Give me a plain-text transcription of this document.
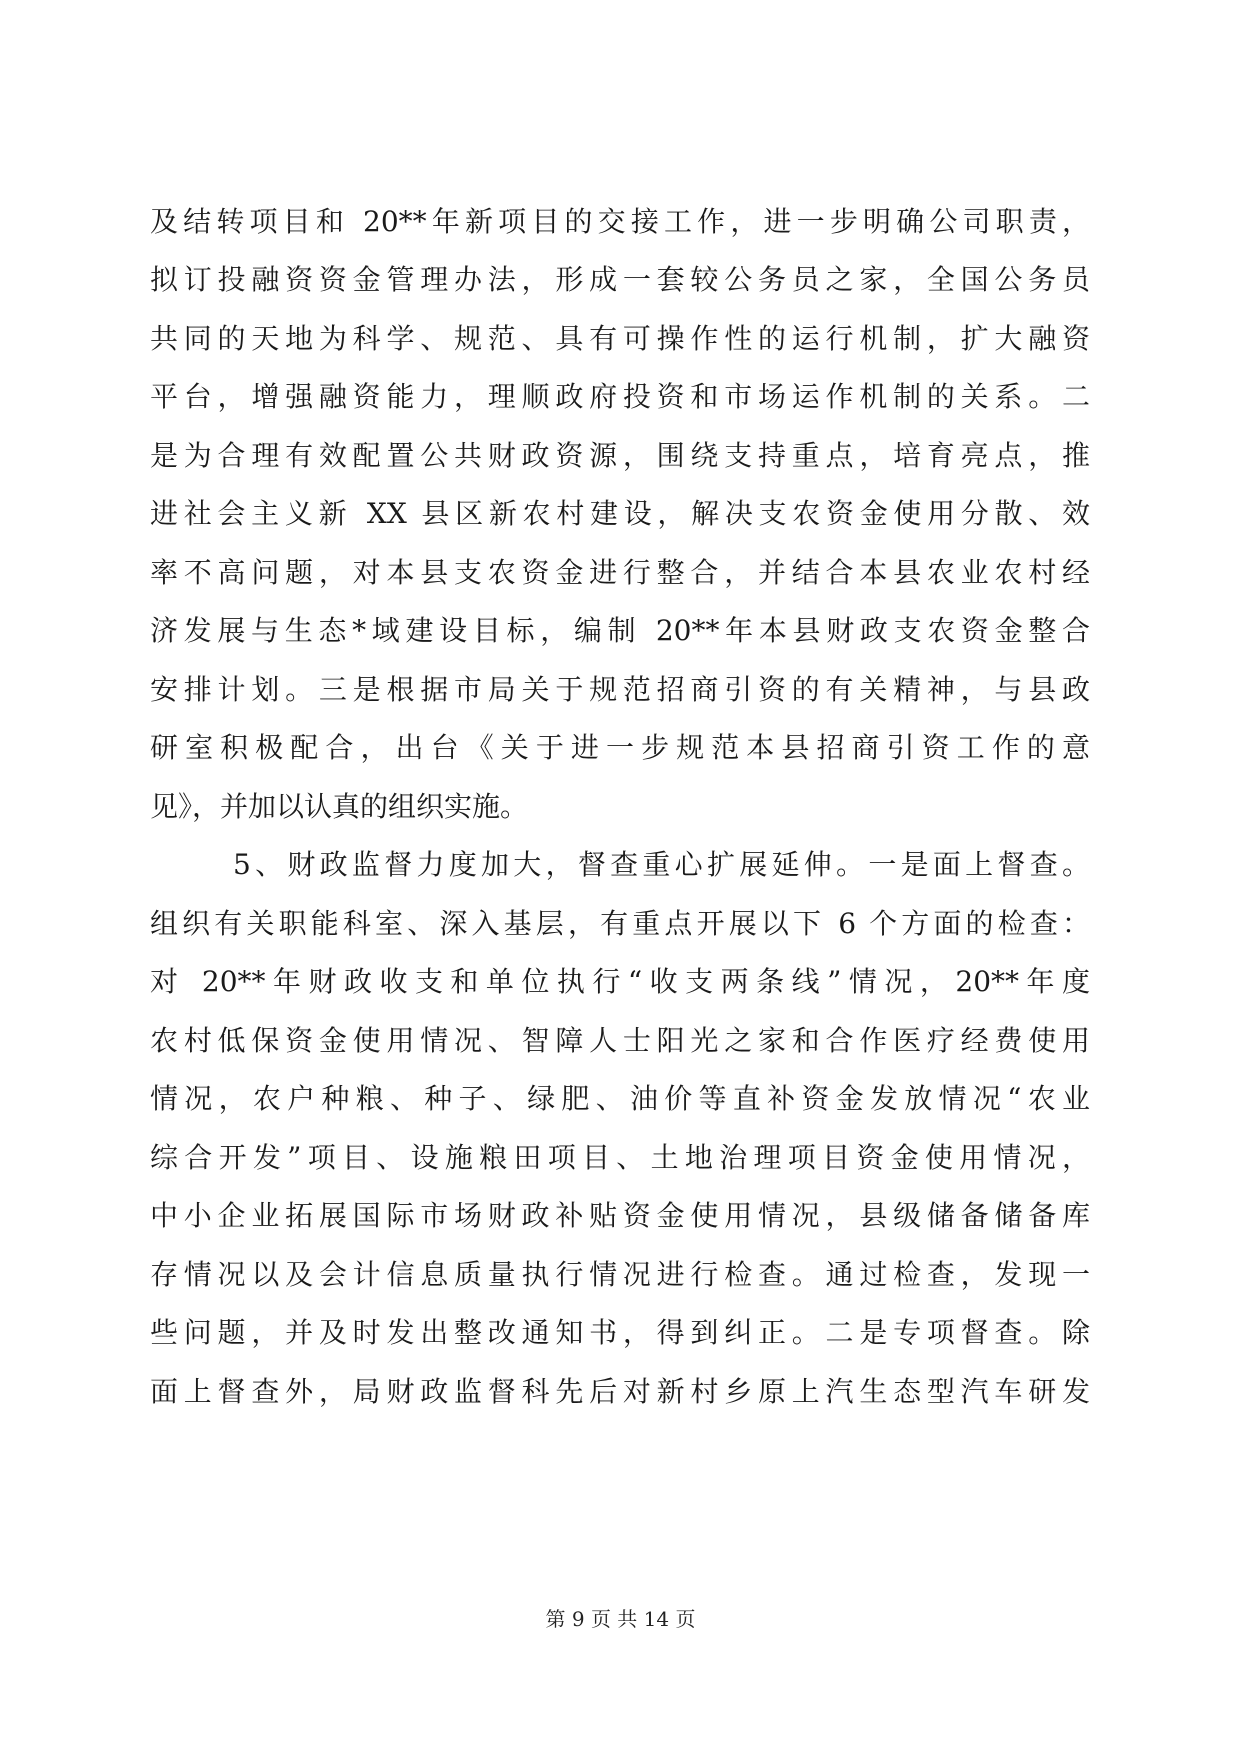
及结转项目和 20**年新项目的交接工作，进一步明确公司职责，
拟订投融资资金管理办法，形成一套较公务员之家，全国公务员
共同的天地为科学、规范、具有可操作性的运行机制，扩大融资
平台，增强融资能力，理顺政府投资和市场运作机制的关系。二
是为合理有效配置公共财政资源，围绕支持重点，培育亮点，推
进社会主义新 XX 县区新农村建设，解决支农资金使用分散、效
率不高问题，对本县支农资金进行整合，并结合本县农业农村经
济发展与生态*域建设目标，编制 20**年本县财政支农资金整合
安排计划。三是根据市局关于规范招商引资的有关精神，与县政
研室积极配合，出台《关于进一步规范本县招商引资工作的意
见》，并加以认真的组织实施。
5、财政监督力度加大，督查重心扩展延伸。一是面上督查。
组织有关职能科室、深入基层，有重点开展以下 6 个方面的检查：
对 20**年财政收支和单位执行“收支两条线”情况，20**年度
农村低保资金使用情况、智障人士阳光之家和合作医疗经费使用
情况，农户种粮、种子、绿肥、油价等直补资金发放情况“农业
综合开发”项目、设施粮田项目、土地治理项目资金使用情况，
中小企业拓展国际市场财政补贴资金使用情况，县级储备储备库
存情况以及会计信息质量执行情况进行检查。通过检查，发现一
些问题，并及时发出整改通知书，得到纠正。二是专项督查。除
面上督查外，局财政监督科先后对新村乡原上汽生态型汽车研发
第 9 页 共 14 页
